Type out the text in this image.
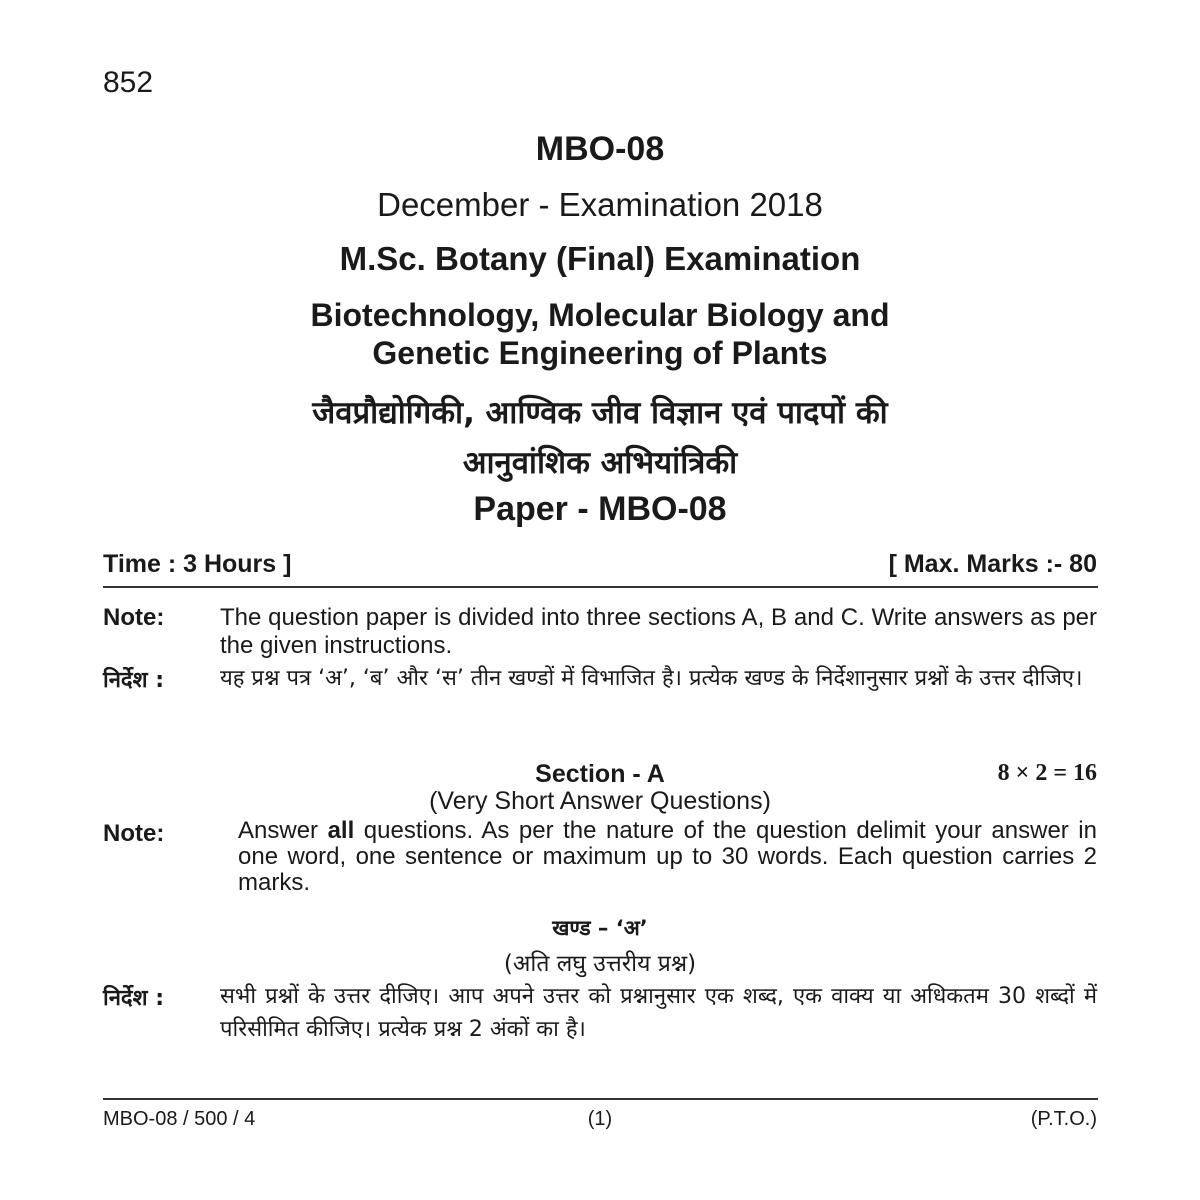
852
MBO-08
December - Examination 2018
M.Sc. Botany (Final) Examination
Biotechnology, Molecular Biology and
Genetic Engineering of Plants
जैवप्रौद्योगिकी, आण्विक जीव विज्ञान एवं पादपों की
आनुवांशिक अभियांत्रिकी
Paper - MBO-08
Time : 3 Hours ]	[ Max. Marks :- 80
Note: The question paper is divided into three sections A, B and C. Write answers as per the given instructions.
निर्देश :	यह प्रश्न पत्र ‘अ’, ‘ब’ और ‘स’ तीन खण्डों में विभाजित है। प्रत्येक खण्ड के निर्देशानुसार प्रश्नों के उत्तर दीजिए।
Section - A	8 × 2 = 16
(Very Short Answer Questions)
Note:	Answer all questions. As per the nature of the question delimit your answer in one word, one sentence or maximum up to 30 words. Each question carries 2 marks.
खण्ड – ‘अ’
(अति लघु उत्तरीय प्रश्न)
निर्देश :	सभी प्रश्नों के उत्तर दीजिए। आप अपने उत्तर को प्रश्नानुसार एक शब्द, एक वाक्य या अधिकतम 30 शब्दों में परिसीमित कीजिए। प्रत्येक प्रश्न 2 अंकों का है।
MBO-08 / 500 / 4	(1)	(P.T.O.)
